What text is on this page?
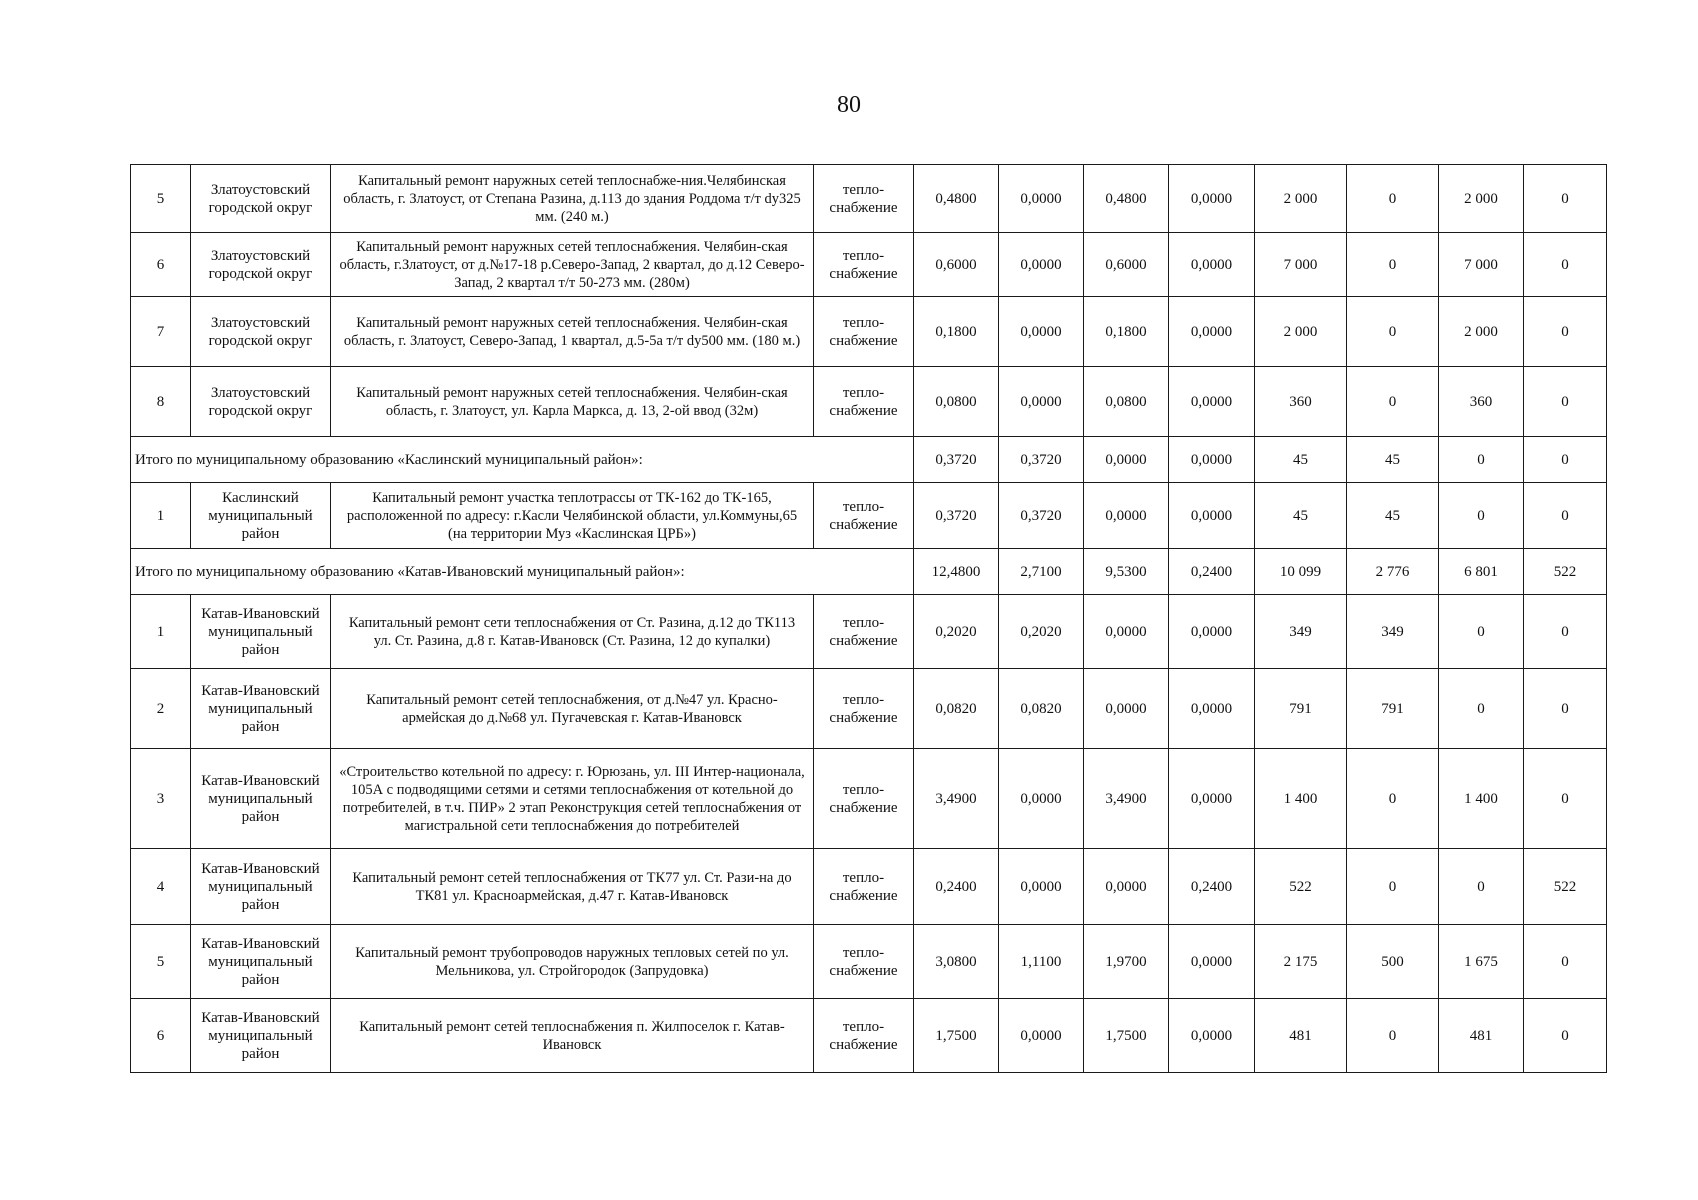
80
5	Златоустовский городской округ	Капитальный ремонт наружных сетей теплоснабже-ния.Челябинская область, г. Златоуст, от Степана Разина, д.113 до здания Роддома т/т dy325 мм. (240 м.)	тепло-снабжение	0,4800	0,0000	0,4800	0,0000	2 000	0	2 000	0
6	Златоустовский городской округ	Капитальный ремонт наружных сетей теплоснабжения. Челябин-ская область, г.Златоуст, от д.№17-18 р.Северо-Запад, 2 квартал, до д.12 Северо-Запад, 2 квартал т/т 50-273 мм. (280м)	тепло-снабжение	0,6000	0,0000	0,6000	0,0000	7 000	0	7 000	0
7	Златоустовский городской округ	Капитальный ремонт наружных сетей теплоснабжения. Челябин-ская область, г. Златоуст, Северо-Запад, 1 квартал, д.5-5а т/т dy500 мм. (180 м.)	тепло-снабжение	0,1800	0,0000	0,1800	0,0000	2 000	0	2 000	0
8	Златоустовский городской округ	Капитальный ремонт наружных сетей теплоснабжения. Челябин-ская область, г. Златоуст, ул. Карла Маркса, д. 13, 2-ой ввод (32м)	тепло-снабжение	0,0800	0,0000	0,0800	0,0000	360	0	360	0
Итого по муниципальному образованию «Каслинский муниципальный район»:				0,3720	0,3720	0,0000	0,0000	45	45	0	0
1	Каслинский муниципальный район	Капитальный ремонт участка теплотрассы от ТК-162 до ТК-165, расположенной по адресу: г.Касли Челябинской области, ул.Коммуны,65 (на территории Муз «Каслинская ЦРБ»)	тепло-снабжение	0,3720	0,3720	0,0000	0,0000	45	45	0	0
Итого по муниципальному образованию «Катав-Ивановский муниципальный район»:				12,4800	2,7100	9,5300	0,2400	10 099	2 776	6 801	522
1	Катав-Ивановский муниципальный район	Капитальный ремонт сети теплоснабжения от Ст. Разина, д.12 до ТК113 ул. Ст. Разина, д.8 г. Катав-Ивановск (Ст. Разина, 12 до купалки)	тепло-снабжение	0,2020	0,2020	0,0000	0,0000	349	349	0	0
2	Катав-Ивановский муниципальный район	Капитальный ремонт сетей теплоснабжения, от д.№47 ул. Красно-армейская до д.№68 ул. Пугачевская г. Катав-Ивановск	тепло-снабжение	0,0820	0,0820	0,0000	0,0000	791	791	0	0
3	Катав-Ивановский муниципальный район	«Строительство котельной по адресу: г. Юрюзань, ул. III Интер-националa, 105А с подводящими сетями и сетями теплоснабжения от котельной до потребителей, в т.ч. ПИР» 2 этап Реконструкция сетей теплоснабжения от магистральной сети теплоснабжения до потребителей	тепло-снабжение	3,4900	0,0000	3,4900	0,0000	1 400	0	1 400	0
4	Катав-Ивановский муниципальный район	Капитальный ремонт сетей теплоснабжения от ТК77 ул. Ст. Рази-на до ТК81 ул. Красноармейская, д.47 г. Катав-Ивановск	тепло-снабжение	0,2400	0,0000	0,0000	0,2400	522	0	0	522
5	Катав-Ивановский муниципальный район	Капитальный ремонт трубопроводов наружных тепловых сетей по ул. Мельникова, ул. Стройгородок (Запрудовка)	тепло-снабжение	3,0800	1,1100	1,9700	0,0000	2 175	500	1 675	0
6	Катав-Ивановский муниципальный район	Капитальный ремонт сетей теплоснабжения п. Жилпоселок г. Катав-Ивановск	тепло-снабжение	1,7500	0,0000	1,7500	0,0000	481	0	481	0
